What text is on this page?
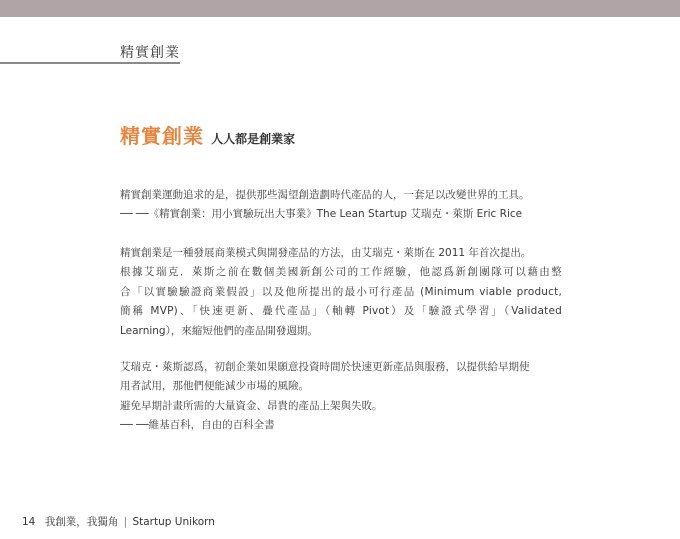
精實創業
精實創業 人人都是創業家

精實創業運動追求的是，提供那些渴望創造劃時代產品的人，一套足以改變世界的工具。

── ──《精實創業：用小實驗玩出大事業》The Lean Startup 艾瑞克・萊斯 Eric Rice

精實創業是一種發展商業模式與開發產品的方法，由艾瑞克・萊斯在 2011 年首次提出。

根據艾瑞克．萊斯之前在數個美國新創公司的工作經驗，他認爲新創團隊可以藉由整

合「以實驗驗證商業假設」以及他所提出的最小可行產品 (Minimum viable product,

簡稱 MVP)、「快速更新、疊代產品」（軸轉 Pivot）及「驗證式學習」（Validated

Learning），來縮短他們的產品開發週期。

艾瑞克・萊斯認爲，初創企業如果願意投資時間於快速更新產品與服務，以提供給早期使

用者試用，那他們便能減少市場的風險。

避免早期計畫所需的大量資金、昂貴的產品上架與失敗。

── ──維基百科，自由的百科全書

14 我創業，我獨角 | Startup Unikorn
